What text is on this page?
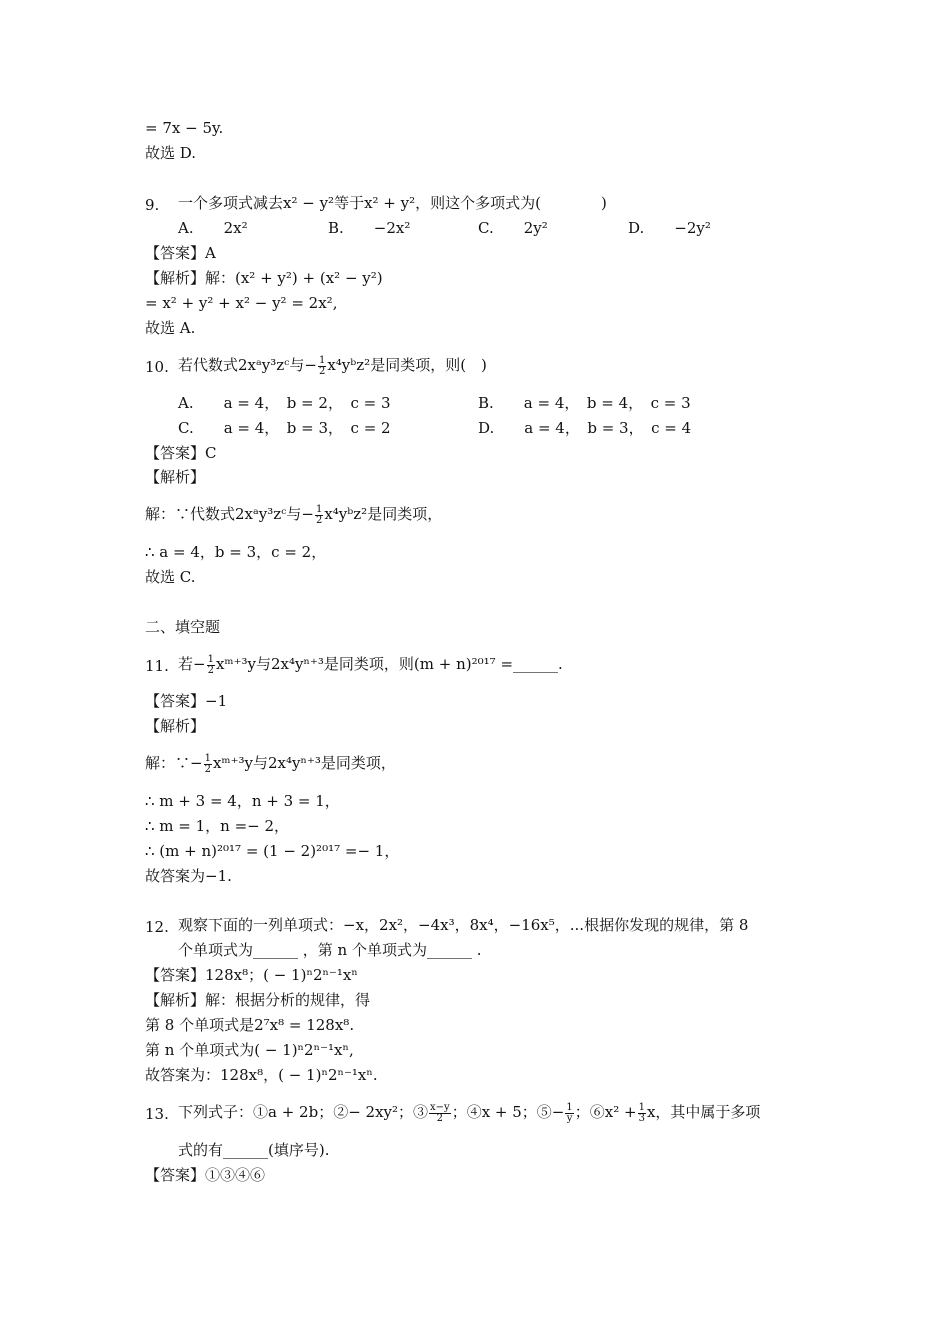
= 7x − 5y.
故选 D.
9. 一个多项式减去x² − y²等于x² + y²，则这个多项式为(　　　　)
A.　　2x²	B.　　−2x²	C.　　2y²	D.　　−2y²
【答案】A
【解析】解：(x² + y²) + (x² − y²)
= x² + y² + x² − y² = 2x²,
故选 A.
10. 若代数式2xᵃy³zᶜ与− $\frac{1}{2}$ x⁴yᵇz²是同类项，则(　)
A.　　a = 4，　b = 2，　c = 3	B.　　a = 4，　b = 4，　c = 3
C.　　a = 4，　b = 3，　c = 2	D.　　a = 4，　b = 3，　c = 4
【答案】C
【解析】
解：∵代数式2xᵃy³zᶜ与− $\frac{1}{2}$ x⁴yᵇz²是同类项，
∴ a = 4，b = 3，c = 2，
故选 C.
二、填空题
11. 若− $\frac{1}{2}$ xᵐ⁺³y与2x⁴yⁿ⁺³是同类项，则(m + n)²⁰¹⁷ =______.
【答案】−1
【解析】
解：∵− $\frac{1}{2}$ xᵐ⁺³y与2x⁴yⁿ⁺³是同类项，
∴ m + 3 = 4，n + 3 = 1，
∴ m = 1，n =− 2，
∴ (m + n)²⁰¹⁷ = (1 − 2)²⁰¹⁷ =− 1，
故答案为−1.
12. 观察下面的一列单项式：−x，2x²，−4x³，8x⁴，−16x⁵，...根据你发现的规律，第 8
个单项式为______ ，第 n 个单项式为______ .
【答案】128x⁸；( − 1)ⁿ2ⁿ⁻¹xⁿ
【解析】解：根据分析的规律，得
第 8 个单项式是2⁷x⁸ = 128x⁸.
第 n 个单项式为( − 1)ⁿ2ⁿ⁻¹xⁿ,
故答案为：128x⁸，( − 1)ⁿ2ⁿ⁻¹xⁿ.
13. 下列式子：①a + 2b；②− 2xy²；③ $\frac{x-y}{2}$ ；④x + 5；⑤− $\frac{1}{y}$ ；⑥x² + $\frac{1}{3}$ x，其中属于多项
式的有______(填序号).
【答案】①③④⑥
